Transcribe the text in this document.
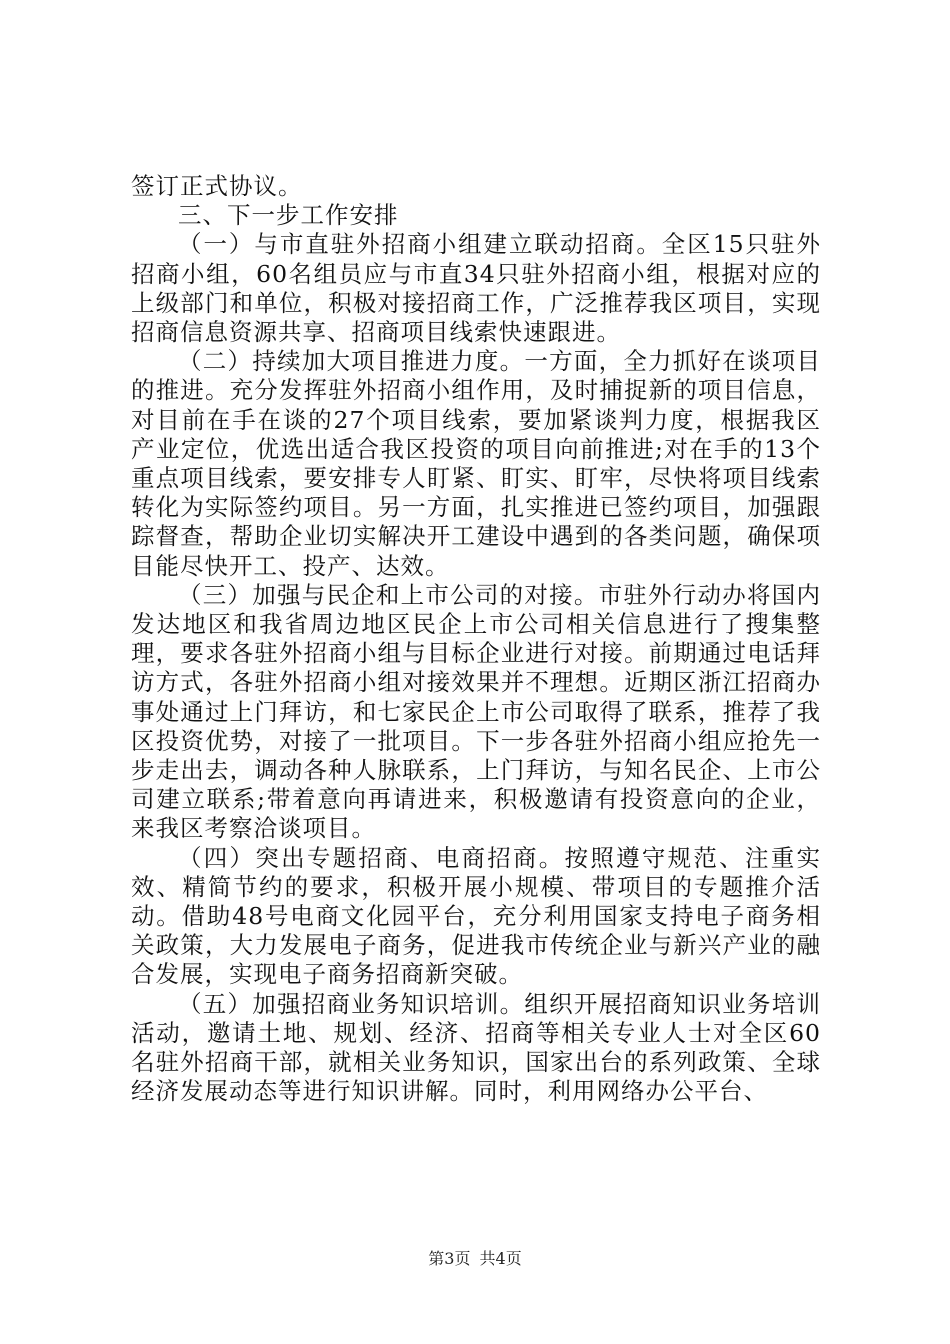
签订正式协议。

三、下一步工作安排

（一）与市直驻外招商小组建立联动招商。全区15只驻外招商小组，60名组员应与市直34只驻外招商小组，根据对应的上级部门和单位，积极对接招商工作，广泛推荐我区项目，实现招商信息资源共享、招商项目线索快速跟进。

（二）持续加大项目推进力度。一方面，全力抓好在谈项目的推进。充分发挥驻外招商小组作用，及时捕捉新的项目信息，对目前在手在谈的27个项目线索，要加紧谈判力度，根据我区产业定位，优选出适合我区投资的项目向前推进;对在手的13个重点项目线索，要安排专人盯紧、盯实、盯牢，尽快将项目线索转化为实际签约项目。另一方面，扎实推进已签约项目，加强跟踪督查，帮助企业切实解决开工建设中遇到的各类问题，确保项目能尽快开工、投产、达效。

（三）加强与民企和上市公司的对接。市驻外行动办将国内发达地区和我省周边地区民企上市公司相关信息进行了搜集整理，要求各驻外招商小组与目标企业进行对接。前期通过电话拜访方式，各驻外招商小组对接效果并不理想。近期区浙江招商办事处通过上门拜访，和七家民企上市公司取得了联系，推荐了我区投资优势，对接了一批项目。下一步各驻外招商小组应抢先一步走出去，调动各种人脉联系，上门拜访，与知名民企、上市公司建立联系;带着意向再请进来，积极邀请有投资意向的企业，来我区考察洽谈项目。

（四）突出专题招商、电商招商。按照遵守规范、注重实效、精简节约的要求，积极开展小规模、带项目的专题推介活动。借助48号电商文化园平台，充分利用国家支持电子商务相关政策，大力发展电子商务，促进我市传统企业与新兴产业的融合发展，实现电子商务招商新突破。

（五）加强招商业务知识培训。组织开展招商知识业务培训活动，邀请土地、规划、经济、招商等相关专业人士对全区60名驻外招商干部，就相关业务知识，国家出台的系列政策、全球经济发展动态等进行知识讲解。同时，利用网络办公平台、

第3页 共4页
